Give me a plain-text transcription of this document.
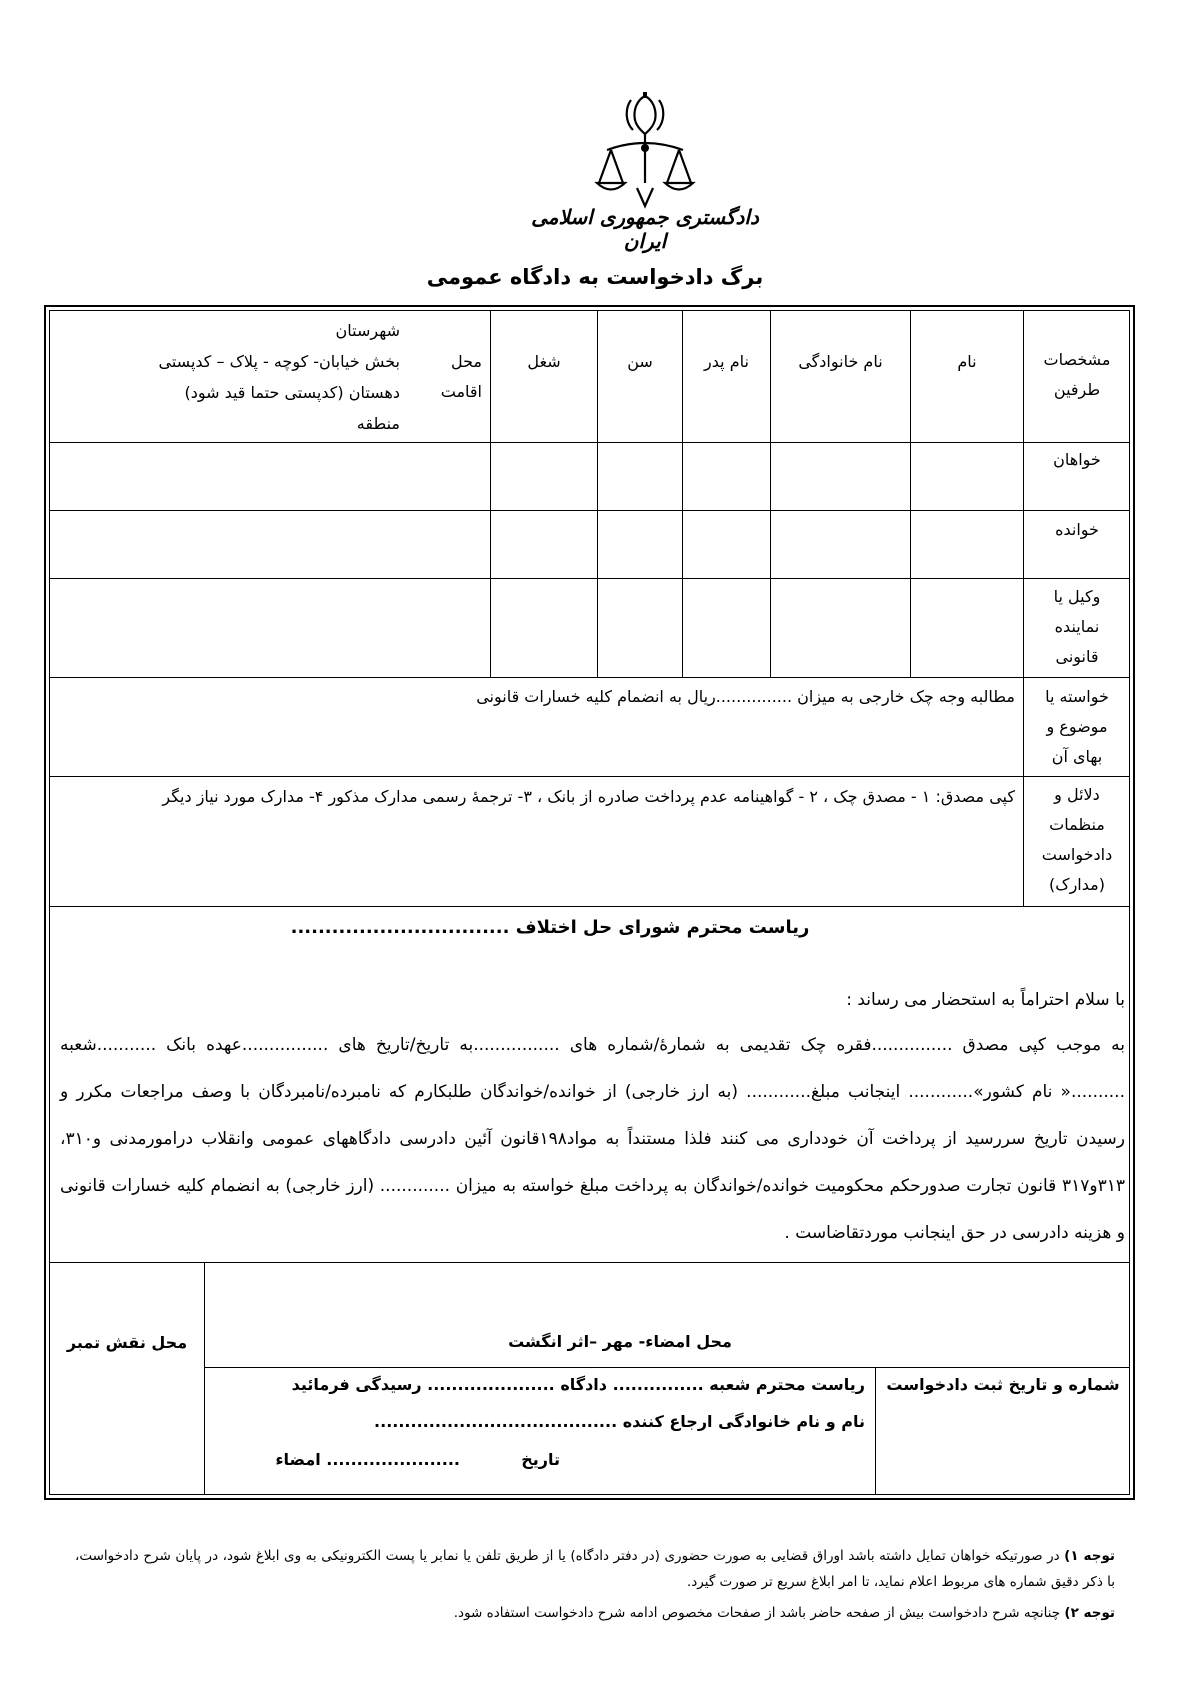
دادگستری جمهوری اسلامی ایران
برگ دادخواست به دادگاه عمومی
مشخصات طرفین
نام
نام خانوادگی
نام پدر
سن
شغل
محل اقامت
شهرستان
بخش خیابان- کوچه - پلاک – کدپستی
دهستان (کدپستی حتما قید شود)
منطقه
خواهان
خوانده
وکیل یا نماینده قانونی
خواسته یا موضوع و بهای آن
مطالبه وجه چک خارجی به میزان ...............ریال به انضمام کلیه خسارات قانونی
دلائل و منظمات دادخواست (مدارک)
کپی مصدق: ۱ - مصدق چک ، ۲ - گواهینامه عدم پرداخت صادره از بانک ، ۳- ترجمهٔ رسمی مدارک مذکور ۴- مدارک مورد نیاز دیگر
ریاست محترم شورای حل اختلاف ................................
با سلام احتراماً به استحضار می رساند :
به موجب کپی مصدق ...............فقره چک تقدیمی به شمارهٔ/شماره های ................به تاریخ/تاریخ های ................عهده بانک ...........شعبه ..........« نام کشور»............ اینجانب مبلغ............ (به ارز خارجی) از خوانده/خواندگان طلبکارم که نامبرده/نامبردگان با وصف مراجعات مکرر و رسیدن تاریخ سررسید از پرداخت آن خودداری می کنند فلذا مستنداً به مواد۱۹۸قانون آئین دادرسی دادگاههای عمومی وانقلاب درامورمدنی و۳۱۰، ۳۱۳و۳۱۷ قانون تجارت صدورحکم محکومیت خوانده/خواندگان به پرداخت مبلغ خواسته به میزان ............. (ارز خارجی) به انضمام کلیه خسارات قانونی و هزینه دادرسی در حق اینجانب موردتقاضاست .
محل نقش تمبر	محل امضاء- مهر –اثر انگشت
شماره و تاریخ ثبت دادخواست
ریاست محترم شعبه ............... دادگاه ..................... رسیدگی فرمائید
نام و نام خانوادگی ارجاع کننده ........................................
تاریخ
...................... امضاء
توجه ۱) در صورتیکه خواهان تمایل داشته باشد اوراق قضایی به صورت حضوری (در دفتر دادگاه) یا از طریق تلفن یا نمابر یا پست الکترونیکی به وی ابلاغ شود، در پایان شرح دادخواست، با ذکر دقیق شماره های مربوط اعلام نماید، تا امر ابلاغ سریع تر صورت گیرد.
توجه ۲) چنانچه شرح دادخواست بیش از صفحه حاضر باشد از صفحات مخصوص ادامه شرح دادخواست استفاده شود.
